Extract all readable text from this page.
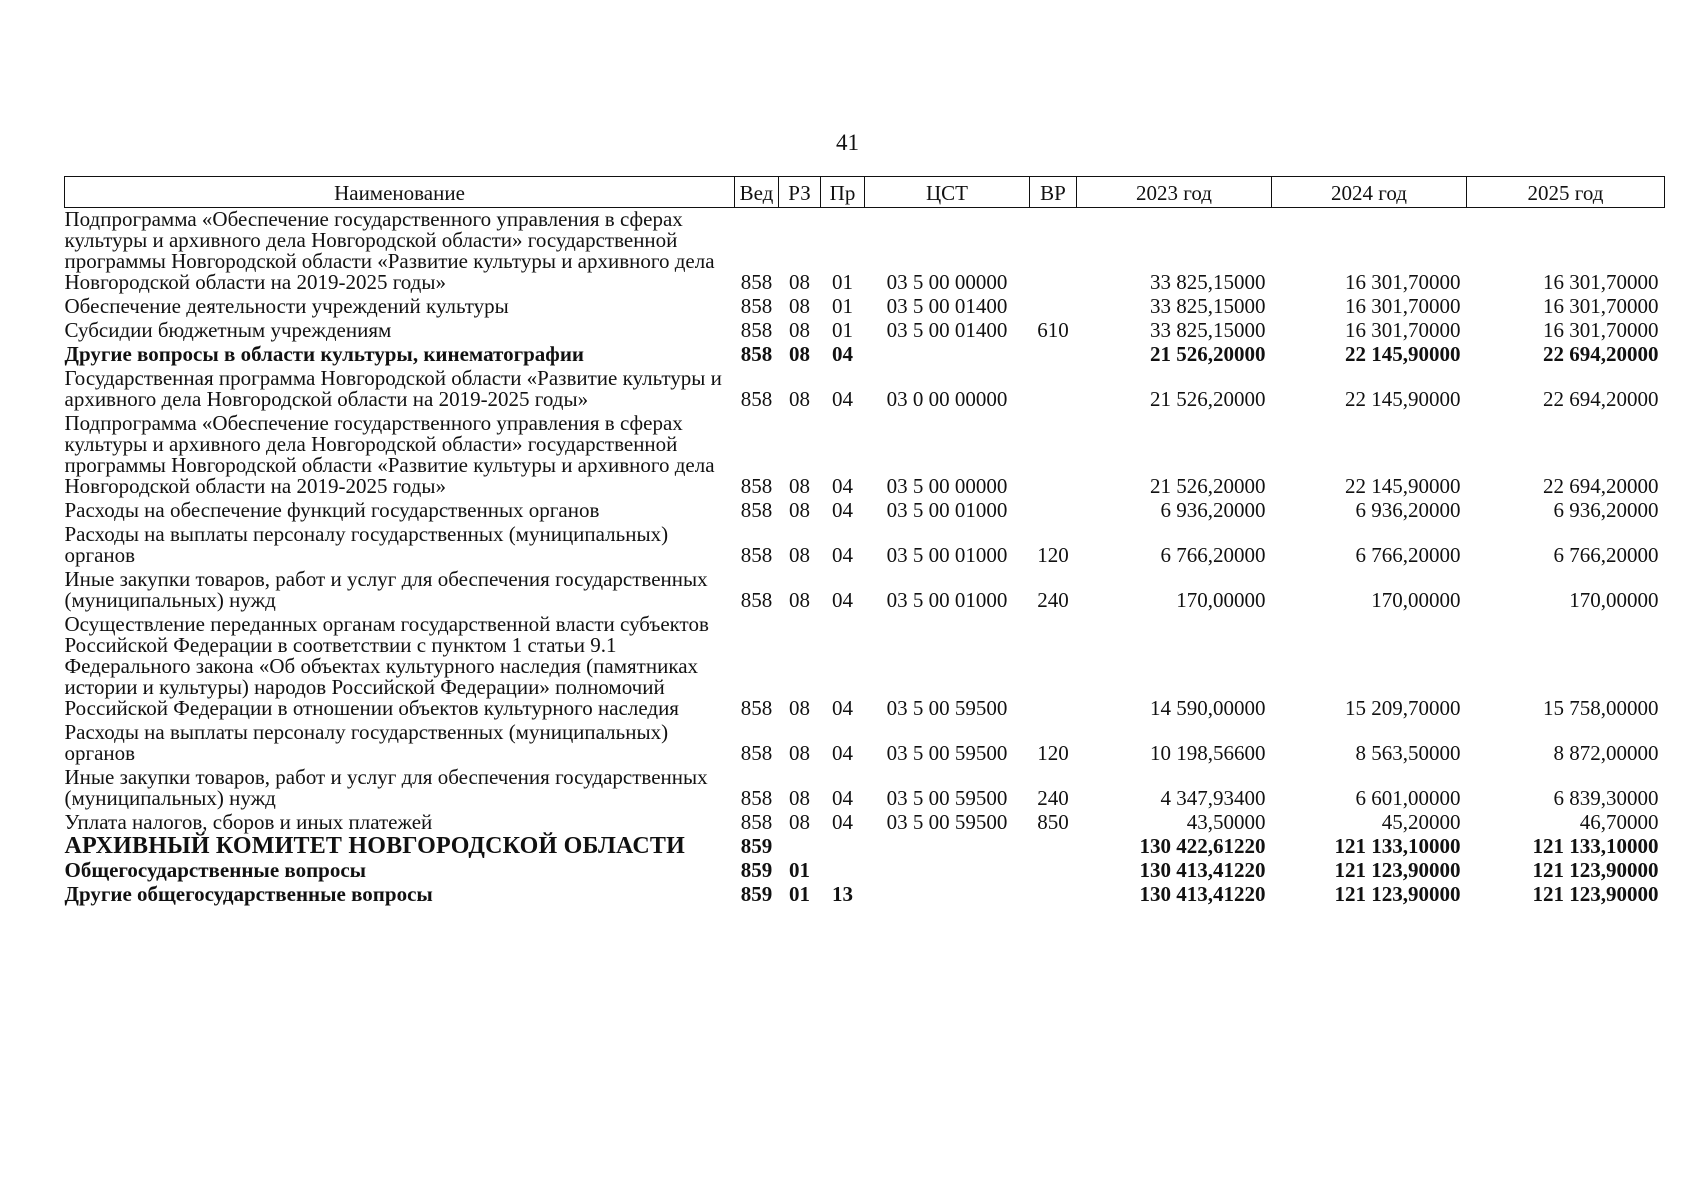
41
Наименование	Вед	РЗ	Пр	ЦСТ	ВР	2023 год	2024 год	2025 год
Подпрограмма «Обеспечение государственного управления в сферах культуры и архивного дела Новгородской области» государственной программы Новгородской области «Развитие культуры и архивного дела Новгородской области на 2019-2025 годы»	858	08	01	03 5 00 00000		33 825,15000	16 301,70000	16 301,70000
Обеспечение деятельности учреждений культуры	858	08	01	03 5 00 01400		33 825,15000	16 301,70000	16 301,70000
Субсидии бюджетным учреждениям	858	08	01	03 5 00 01400	610	33 825,15000	16 301,70000	16 301,70000
Другие вопросы в области культуры, кинематографии	858	08	04			21 526,20000	22 145,90000	22 694,20000
Государственная программа Новгородской области «Развитие культуры и архивного дела Новгородской области на 2019-2025 годы»	858	08	04	03 0 00 00000		21 526,20000	22 145,90000	22 694,20000
Подпрограмма «Обеспечение государственного управления в сферах культуры и архивного дела Новгородской области» государственной программы Новгородской области «Развитие культуры и архивного дела Новгородской области на 2019-2025 годы»	858	08	04	03 5 00 00000		21 526,20000	22 145,90000	22 694,20000
Расходы на обеспечение функций государственных органов	858	08	04	03 5 00 01000		6 936,20000	6 936,20000	6 936,20000
Расходы на выплаты персоналу государственных (муниципальных) органов	858	08	04	03 5 00 01000	120	6 766,20000	6 766,20000	6 766,20000
Иные закупки товаров, работ и услуг для обеспечения государственных (муниципальных) нужд	858	08	04	03 5 00 01000	240	170,00000	170,00000	170,00000
Осуществление переданных органам государственной власти субъектов Российской Федерации в соответствии с пунктом 1 статьи 9.1 Федерального закона «Об объектах культурного наследия (памятниках истории и культуры) народов Российской Федерации» полномочий Российской Федерации в отношении объектов культурного наследия	858	08	04	03 5 00 59500		14 590,00000	15 209,70000	15 758,00000
Расходы на выплаты персоналу государственных (муниципальных) органов	858	08	04	03 5 00 59500	120	10 198,56600	8 563,50000	8 872,00000
Иные закупки товаров, работ и услуг для обеспечения государственных (муниципальных) нужд	858	08	04	03 5 00 59500	240	4 347,93400	6 601,00000	6 839,30000
Уплата налогов, сборов и иных платежей	858	08	04	03 5 00 59500	850	43,50000	45,20000	46,70000
АРХИВНЫЙ КОМИТЕТ НОВГОРОДСКОЙ ОБЛАСТИ	859					130 422,61220	121 133,10000	121 133,10000
Общегосударственные вопросы	859	01				130 413,41220	121 123,90000	121 123,90000
Другие общегосударственные вопросы	859	01	13			130 413,41220	121 123,90000	121 123,90000
